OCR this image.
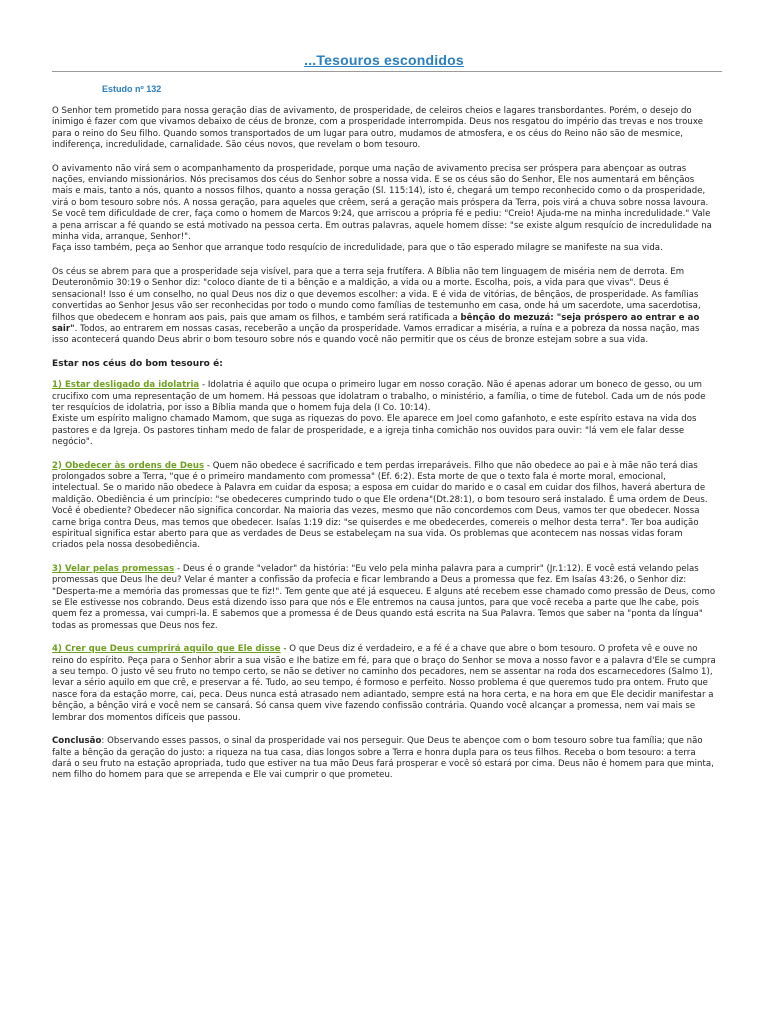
...Tesouros escondidos
Estudo nº 132

O Senhor tem prometido para nossa geração dias de avivamento, de prosperidade, de celeiros cheios e lagares transbordantes. Porém, o desejo do inimigo é fazer com que vivamos debaixo de céus de bronze, com a prosperidade interrompida. Deus nos resgatou do império das trevas e nos trouxe para o reino do Seu filho. Quando somos transportados de um lugar para outro, mudamos de atmosfera, e os céus do Reino não são de mesmice, indiferença, incredulidade, carnalidade. São céus novos, que revelam o bom tesouro.

O avivamento não virá sem o acompanhamento da prosperidade, porque uma nação de avivamento precisa ser próspera para abençoar as outras nações, enviando missionários. Nós precisamos dos céus do Senhor sobre a nossa vida. E se os céus são do Senhor, Ele nos aumentará em bênçãos mais e mais, tanto a nós, quanto a nossos filhos, quanto a nossa geração (Sl. 115:14), isto é, chegará um tempo reconhecido como o da prosperidade, virá o bom tesouro sobre nós. A nossa geração, para aqueles que crêem, será a geração mais próspera da Terra, pois virá a chuva sobre nossa lavoura. Se você tem dificuldade de crer, faça como o homem de Marcos 9:24, que arriscou a própria fé e pediu: "Creio! Ajuda-me na minha incredulidade." Vale a pena arriscar a fé quando se está motivado na pessoa certa. Em outras palavras, aquele homem disse: "se existe algum resquício de incredulidade na minha vida, arranque, Senhor!".
Faça isso também, peça ao Senhor que arranque todo resquício de incredulidade, para que o tão esperado milagre se manifeste na sua vida.

Os céus se abrem para que a prosperidade seja visível, para que a terra seja frutífera. A Bíblia não tem linguagem de miséria nem de derrota. Em Deuteronômio 30:19 o Senhor diz: "coloco diante de ti a bênção e a maldição, a vida ou a morte. Escolha, pois, a vida para que vivas". Deus é sensacional! Isso é um conselho, no qual Deus nos diz o que devemos escolher: a vida. E é vida de vitórias, de bênçãos, de prosperidade. As famílias convertidas ao Senhor Jesus vão ser reconhecidas por todo o mundo como famílias de testemunho em casa, onde há um sacerdote, uma sacerdotisa, filhos que obedecem e honram aos pais, pais que amam os filhos, e também será ratificada a bênção do mezuzá: "seja próspero ao entrar e ao sair". Todos, ao entrarem em nossas casas, receberão a unção da prosperidade. Vamos erradicar a miséria, a ruína e a pobreza da nossa nação, mas isso acontecerá quando Deus abrir o bom tesouro sobre nós e quando você não permitir que os céus de bronze estejam sobre a sua vida.

Estar nos céus do bom tesouro é:

1) Estar desligado da idolatria - Idolatria é aquilo que ocupa o primeiro lugar em nosso coração. Não é apenas adorar um boneco de gesso, ou um crucifixo com uma representação de um homem. Há pessoas que idolatram o trabalho, o ministério, a família, o time de futebol. Cada um de nós pode ter resquícios de idolatria, por isso a Bíblia manda que o homem fuja dela (I Co. 10:14).
Existe um espírito maligno chamado Mamom, que suga as riquezas do povo. Ele aparece em Joel como gafanhoto, e este espírito estava na vida dos pastores e da Igreja. Os pastores tinham medo de falar de prosperidade, e a igreja tinha comichão nos ouvidos para ouvir: "lá vem ele falar desse negócio".

2) Obedecer às ordens de Deus - Quem não obedece é sacrificado e tem perdas irreparáveis. Filho que não obedece ao pai e à mãe não terá dias prolongados sobre a Terra, "que é o primeiro mandamento com promessa" (Ef. 6:2). Esta morte de que o texto fala é morte moral, emocional, intelectual. Se o marido não obedece à Palavra em cuidar da esposa; a esposa em cuidar do marido e o casal em cuidar dos filhos, haverá abertura de maldição. Obediência é um princípio: "se obedeceres cumprindo tudo o que Ele ordena"(Dt.28:1), o bom tesouro será instalado. É uma ordem de Deus. Você é obediente? Obedecer não significa concordar. Na maioria das vezes, mesmo que não concordemos com Deus, vamos ter que obedecer. Nossa carne briga contra Deus, mas temos que obedecer. Isaías 1:19 diz: "se quiserdes e me obedecerdes, comereis o melhor desta terra". Ter boa audição espiritual significa estar aberto para que as verdades de Deus se estabeleçam na sua vida. Os problemas que acontecem nas nossas vidas foram criados pela nossa desobediência.

3) Velar pelas promessas - Deus é o grande "velador" da história: "Eu velo pela minha palavra para a cumprir" (Jr.1:12). E você está velando pelas promessas que Deus lhe deu? Velar é manter a confissão da profecia e ficar lembrando a Deus a promessa que fez. Em Isaías 43:26, o Senhor diz: "Desperta-me a memória das promessas que te fiz!". Tem gente que até já esqueceu. E alguns até recebem esse chamado como pressão de Deus, como se Ele estivesse nos cobrando. Deus está dizendo isso para que nós e Ele entremos na causa juntos, para que você receba a parte que lhe cabe, pois quem fez a promessa, vai cumpri-la. E sabemos que a promessa é de Deus quando está escrita na Sua Palavra. Temos que saber na "ponta da língua" todas as promessas que Deus nos fez.

4) Crer que Deus cumprirá aquilo que Ele disse - O que Deus diz é verdadeiro, e a fé é a chave que abre o bom tesouro. O profeta vê e ouve no reino do espírito. Peça para o Senhor abrir a sua visão e Ihe batize em fé, para que o braço do Senhor se mova a nosso favor e a palavra d'Ele se cumpra a seu tempo. O justo vê seu fruto no tempo certo, se não se detiver no caminho dos pecadores, nem se assentar na roda dos escarnecedores (Salmo 1), levar a sério aquilo em que crê, e preservar a fé. Tudo, ao seu tempo, é formoso e perfeito. Nosso problema é que queremos tudo pra ontem. Fruto que nasce fora da estação morre, cai, peca. Deus nunca está atrasado nem adiantado, sempre está na hora certa, e na hora em que Ele decidir manifestar a bênção, a bênção virá e você nem se cansará. Só cansa quem vive fazendo confissão contrária. Quando você alcançar a promessa, nem vai mais se lembrar dos momentos difíceis que passou.

Conclusão: Observando esses passos, o sinal da prosperidade vai nos perseguir. Que Deus te abençoe com o bom tesouro sobre tua família; que não falte a bênção da geração do justo: a riqueza na tua casa, dias longos sobre a Terra e honra dupla para os teus filhos. Receba o bom tesouro: a terra dará o seu fruto na estação apropriada, tudo que estiver na tua mão Deus fará prosperar e você só estará por cima. Deus não é homem para que minta, nem filho do homem para que se arrependa e Ele vai cumprir o que prometeu.
